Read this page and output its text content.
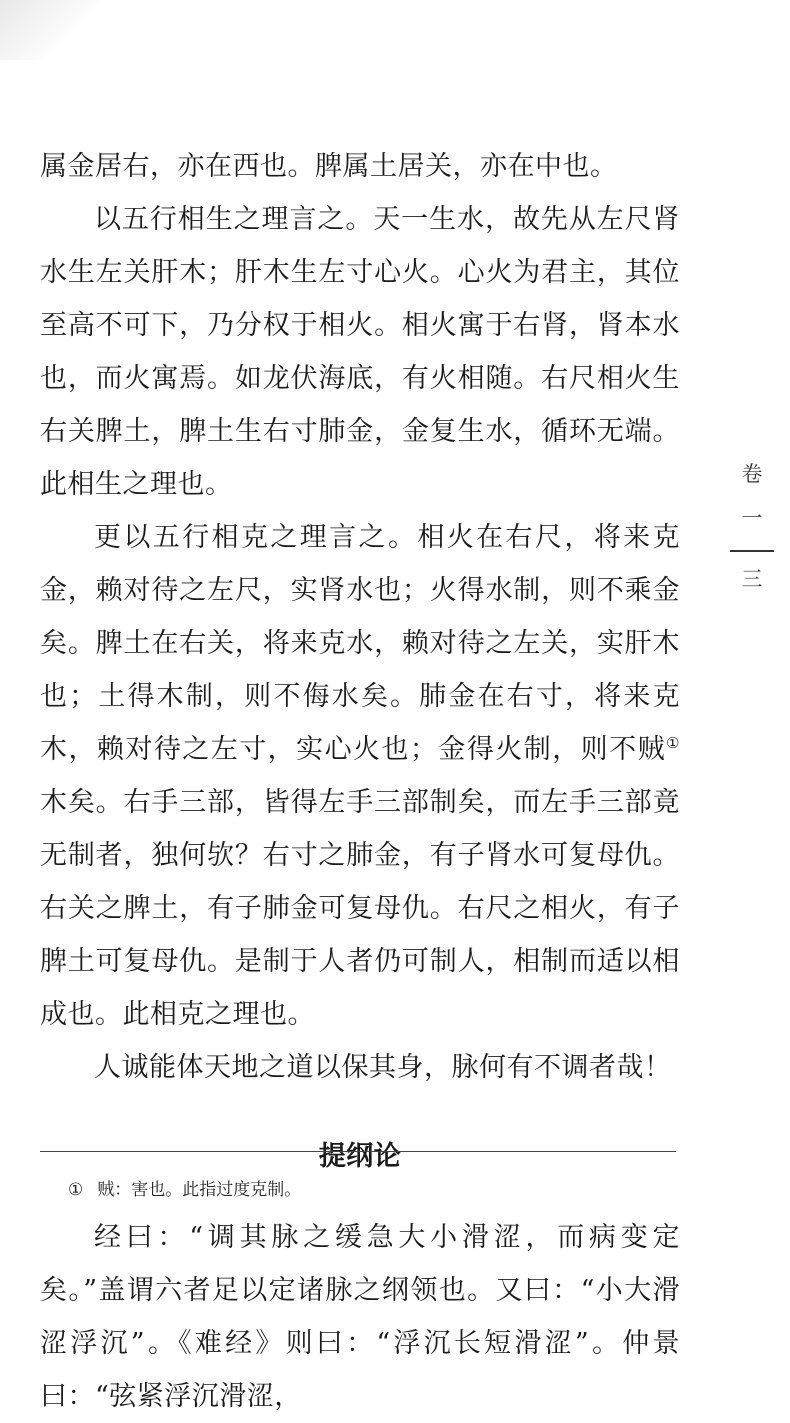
属金居右，亦在西也。脾属土居关，亦在中也。

以五行相生之理言之。天一生水，故先从左尺肾水生左关肝木；肝木生左寸心火。心火为君主，其位至高不可下，乃分权于相火。相火寓于右肾，肾本水也，而火寓焉。如龙伏海底，有火相随。右尺相火生右关脾土，脾土生右寸肺金，金复生水，循环无端。此相生之理也。

更以五行相克之理言之。相火在右尺，将来克金，赖对待之左尺，实肾水也；火得水制，则不乘金矣。脾土在右关，将来克水，赖对待之左关，实肝木也；土得木制，则不侮水矣。肺金在右寸，将来克木，赖对待之左寸，实心火也；金得火制，则不贼①木矣。右手三部，皆得左手三部制矣，而左手三部竟无制者，独何欤？右寸之肺金，有子肾水可复母仇。右关之脾土，有子肺金可复母仇。右尺之相火，有子脾土可复母仇。是制于人者仍可制人，相制而适以相成也。此相克之理也。

人诚能体天地之道以保其身，脉何有不调者哉！

提纲论

经曰：“调其脉之缓急大小滑涩，而病变定矣。”盖谓六者足以定诸脉之纲领也。又曰：“小大滑涩浮沉”。《难经》则曰：“浮沉长短滑涩”。仲景曰：“弦紧浮沉滑涩，

① 贼：害也。此指过度克制。
卷
一
三
